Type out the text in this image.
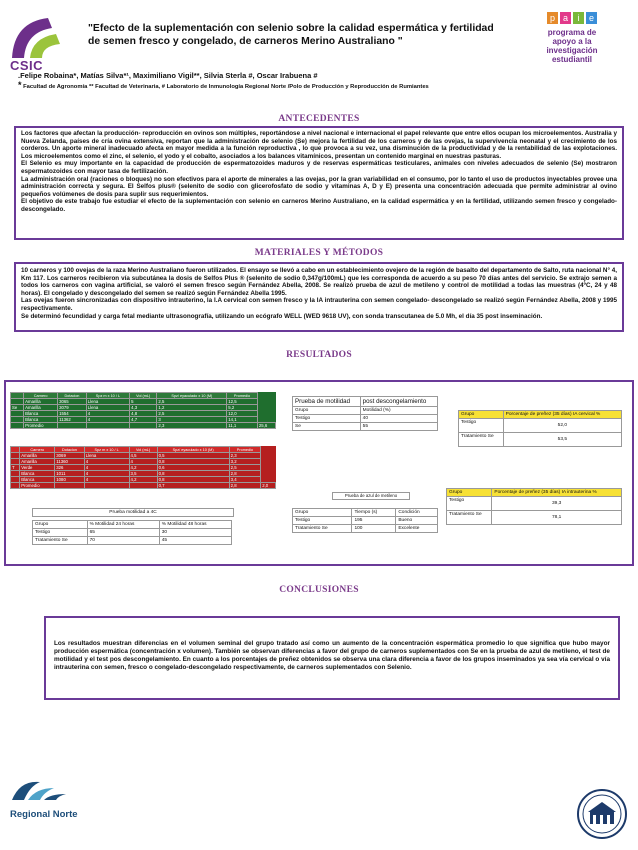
CSIC
"Efecto de la suplementación con selenio sobre la calidad espermática y fertilidad de semen fresco y congelado, de carneros Merino Australiano "
p a	i	e
programa de apoyo a la investigación estudiantil
.Felipe Robaina*, Matías Silva*¹, Maximiliano Vigil**, Silvia Sterla #, Oscar Irabuena #
* Facultad de Agronomía ** Facultad de Veterinaria, # Laboratorio de Inmunología Regional Norte /Polo de Producción y Reproducción de Rumiantes
ANTECEDENTES
Los factores que afectan la producción- reproducción en ovinos son múltiples, reportándose a nivel nacional e internacional el papel relevante que entre ellos ocupan los microelementos. Australia y Nueva Zelanda, países de cría ovina extensiva, reportan que la administración de selenio (Se) mejora la fertilidad de los carneros y de las ovejas, la supervivencia neonatal y el crecimiento de los corderos. Un aporte mineral inadecuado afecta en mayor medida a la función reproductiva , lo que provoca a su vez, una disminución de la productividad y de la rentabilidad de las explotaciones. Los microelementos como el zinc, el selenio, el yodo y el cobalto, asociados a los balances vitamínicos, presentan un contenido marginal en nuestras pasturas.
El Selenio es muy importante en la capacidad de producción de espermatozoides maduros y de reservas espermáticas testiculares, animales con niveles adecuados de selenio (Se) mostraron espermatozoides con mayor tasa de fertilización.
La administración oral (raciones o bloques) no son efectivos para el aporte de minerales a las ovejas, por la gran variabilidad en el consumo, por lo tanto el uso de productos inyectables provee una administración correcta y segura. El Selfos plus® (selenito de sodio con glicerofosfato de sodio y vitaminas A, D y E) presenta una concentración adecuada que permite administrar al ovino pequeños volúmenes de dosis para suplir sus requerimientos.
El objetivo de este trabajo fue estudiar el efecto de la suplementación con selenio en carneros Merino Australiano, en la calidad espermática y en la fertilidad, utilizando semen fresco y congelado-descongelado.
MATERIALES Y MÉTODOS
10 carneros y 100 ovejas de la raza Merino Australiano fueron utilizados. El ensayo se llevó a cabo en un establecimiento ovejero de la región de basalto del departamento de Salto, ruta nacional N° 4, Km 117. Los carneros recibieron vía subcutánea la dosis de Selfos Plus ® (selenito de sodio 0,347g/100mL) que les corresponda de acuerdo a su peso 70 días antes del servicio. Se extrajo semen a todos los carneros con vagina artificial, se valoró el semen fresco según Fernández Abella, 2008. Se realizó prueba de azul de metileno y control de motilidad a todas las muestras (4ºC, 24 y 48 horas). El congelado y descongelado del semen se realizó según Fernández Abella 1995.
Las ovejas fueron sincronizadas con dispositivo intrauterino, la I.A cervical con semen fresco y la IA intrauterina con semen congelado- descongelado se realizó según Fernández Abella, 2008 y 1995 respectivamente.
Se determinó fecundidad y carga fetal mediante ultrasonografía, utilizando un ecógrafo WELL (WED 9618 UV), con sonda transcutanea de 5.0 Mh, el día 35 post inseminación.
RESULTADOS
	Carnero	Dotacion	Spz m x 10 / L	Vol (mL)	Spz/ eyaculado x 10 (M)	Promedio	
	Amarilla	3065	Llena	5	2,5	12,5	
Se	Amarilla	3079	Llena	4,3	1,2	5,2	
	Blanca	1554	4	4,8	2,5	12,0	
	Blanca	11362	4	4,7	3	14,1	
	Promedio				2,3	11,1	25,6
	Carnero	Dotacion	Spz m x 10 / L	Vol (mL)	Spz/ eyaculado x 10 (M)	Promedio	
	Amarilla	3069	Llena	4,5	0,5	2,3	
	Amarilla	11360	4	4	0,8	3,2	
T	Verde	326	4	4,2	0,6	2,5	
	Blanca	1011	4	3,5	0,8	2,8	
	Blanca	1080	4	4,2	0,8	3,4	
	Promedio				0,7	2,8	2,0
Prueba motilidad a 4C
Grupo	% Motilidad 24 horas	% Motilidad 48 horas
Testigo	65	30
Tratamiento Se	70	45
Prueba de motilidad	post descongelamiento
Grupo	Motilidad (%)
Testigo	40
Se	55
Prueba de azul de metileno
Grupo	Tiempo (s)	Condición
Testigo	195	Bueno
Tratamiento Se	100	Excelente
Grupo	Porcentaje de preñez (35 días) IA cervical %
Testigo	52,0
Tratamiento Se	53,5
Grupo	Porcentaje de preñez (35 días) IA intrauterina %
Testigo	39,3
Tratamiento Se	78,1
CONCLUSIONES
Los resultados muestran diferencias en el volumen seminal del grupo tratado así como un aumento de la concentración espermática promedio lo que significa que hubo mayor producción espermática (concentración x volumen). También se observan diferencias a favor del grupo de carneros suplementados con Se en la prueba de azul de metileno, el test de motilidad y el test pos descongelamiento. En cuanto a los porcentajes de preñez obtenidos se observa una clara diferencia a favor de los grupos inseminados ya sea vía cervical o vía intrauterina con semen, fresco o congelado-descongelado respectivamente, de carneros suplementados con Selenio.
Regional Norte
